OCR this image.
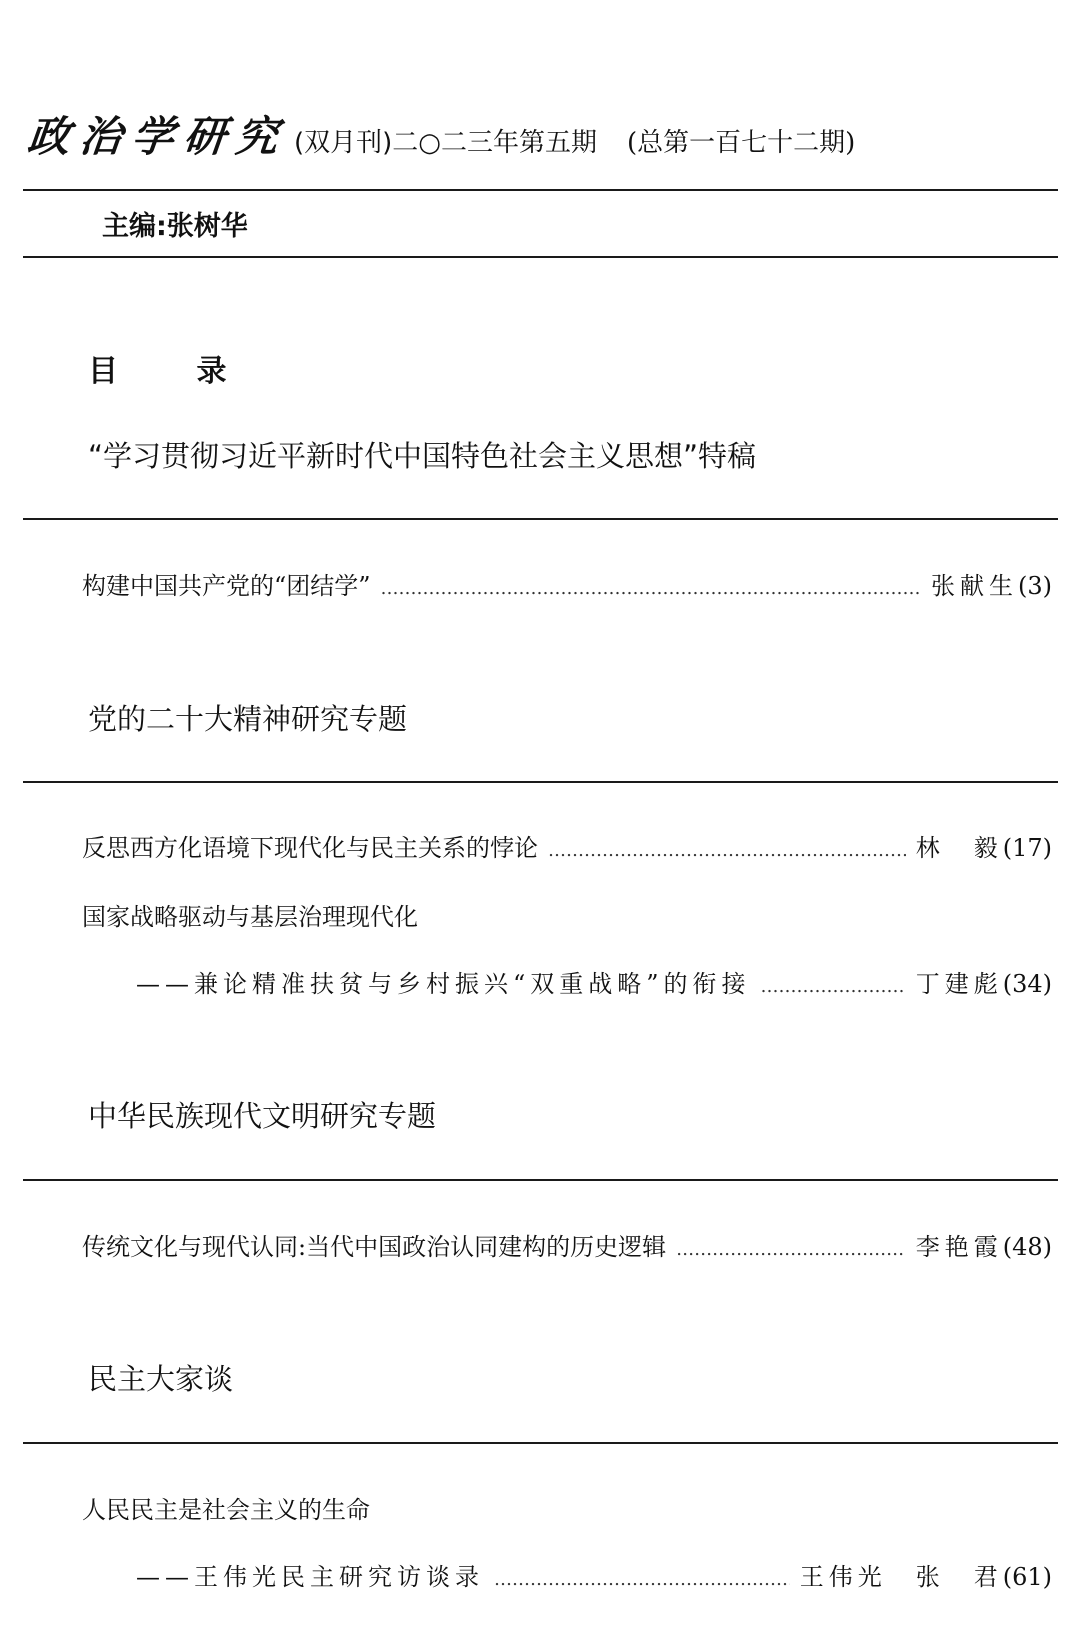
政治学研究 (双月刊)二○二三年第五期 (总第一百七十二期)
主编:张树华
目 录
“学习贯彻习近平新时代中国特色社会主义思想”特稿
构建中国共产党的“团结学” …………………………………………………………………………………………………………………………………………………	张献生 (3)
党的二十大精神研究专题
反思西方化语境下现代化与民主关系的悖论 …………………………………………………………………………………………………………………………………………………	林　毅 (17)
国家战略驱动与基层治理现代化
——兼论精准扶贫与乡村振兴“双重战略”的衔接 …………………………………………………………………………………………………………………………………………………	丁建彪 (34)
中华民族现代文明研究专题
传统文化与现代认同:当代中国政治认同建构的历史逻辑 …………………………………………………………………………………………………………………………………………………	李艳霞 (48)
民主大家谈
人民民主是社会主义的生命
——王伟光民主研究访谈录 …………………………………………………………………………………………………………………………………………………	王伟光　张　君 (61)
